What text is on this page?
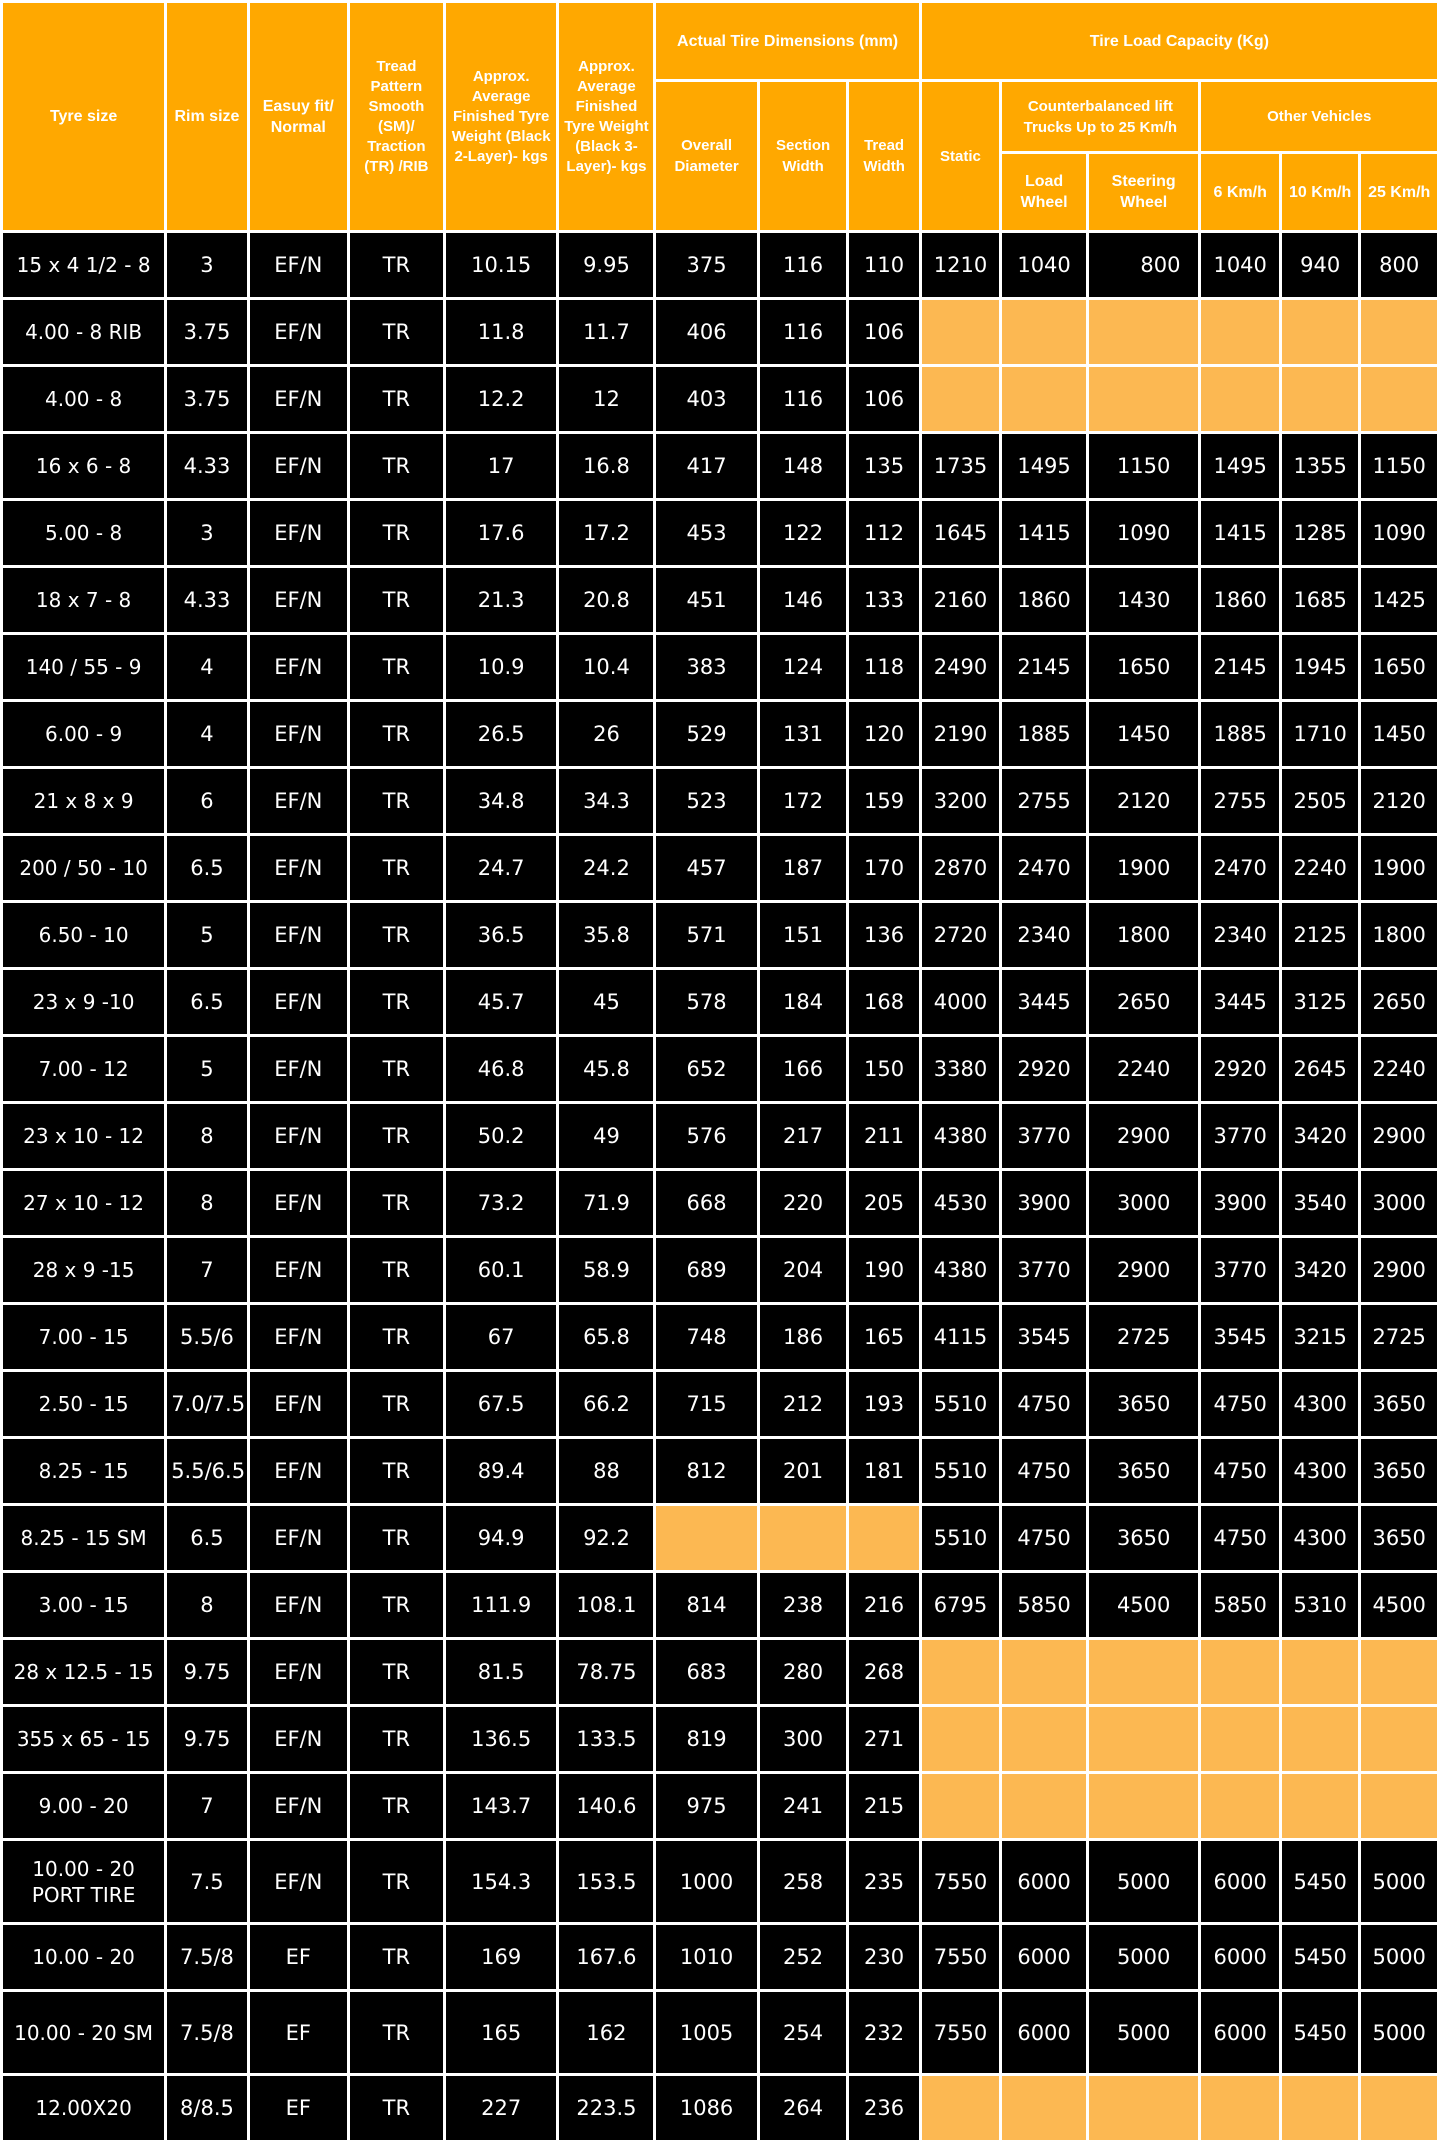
Tyre size	Rim size	Easuy fit/ Normal	Tread Pattern Smooth (SM)/ Traction (TR) /RIB	Approx. Average Finished Tyre Weight (Black 2-Layer)- kgs	Approx. Average Finished Tyre Weight (Black 3-Layer)- kgs	Actual Tire Dimensions (mm)			Tire Load Capacity (Kg)					
						Overall Diameter	Section Width	Tread Width	Static	Counterbalanced lift Trucks Up to 25 Km/h		Other Vehicles		
										Load Wheel	Steering Wheel	6 Km/h	10 Km/h	25 Km/h
15 x 4 1/2 - 8	3	EF/N	TR	10.15	9.95	375	116	110	1210	1040	800	1040	940	800
4.00 - 8 RIB	3.75	EF/N	TR	11.8	11.7	406	116	106						
4.00 - 8	3.75	EF/N	TR	12.2	12	403	116	106						
16 x 6 - 8	4.33	EF/N	TR	17	16.8	417	148	135	1735	1495	1150	1495	1355	1150
5.00 - 8	3	EF/N	TR	17.6	17.2	453	122	112	1645	1415	1090	1415	1285	1090
18 x 7 - 8	4.33	EF/N	TR	21.3	20.8	451	146	133	2160	1860	1430	1860	1685	1425
140 / 55 - 9	4	EF/N	TR	10.9	10.4	383	124	118	2490	2145	1650	2145	1945	1650
6.00 - 9	4	EF/N	TR	26.5	26	529	131	120	2190	1885	1450	1885	1710	1450
21 x 8 x 9	6	EF/N	TR	34.8	34.3	523	172	159	3200	2755	2120	2755	2505	2120
200 / 50 - 10	6.5	EF/N	TR	24.7	24.2	457	187	170	2870	2470	1900	2470	2240	1900
6.50 - 10	5	EF/N	TR	36.5	35.8	571	151	136	2720	2340	1800	2340	2125	1800
23 x 9 -10	6.5	EF/N	TR	45.7	45	578	184	168	4000	3445	2650	3445	3125	2650
7.00 - 12	5	EF/N	TR	46.8	45.8	652	166	150	3380	2920	2240	2920	2645	2240
23 x 10 - 12	8	EF/N	TR	50.2	49	576	217	211	4380	3770	2900	3770	3420	2900
27 x 10 - 12	8	EF/N	TR	73.2	71.9	668	220	205	4530	3900	3000	3900	3540	3000
28 x 9 -15	7	EF/N	TR	60.1	58.9	689	204	190	4380	3770	2900	3770	3420	2900
7.00 - 15	5.5/6	EF/N	TR	67	65.8	748	186	165	4115	3545	2725	3545	3215	2725
2.50 - 15	7.0/7.5	EF/N	TR	67.5	66.2	715	212	193	5510	4750	3650	4750	4300	3650
8.25 - 15	5.5/6.5	EF/N	TR	89.4	88	812	201	181	5510	4750	3650	4750	4300	3650
8.25 - 15 SM	6.5	EF/N	TR	94.9	92.2				5510	4750	3650	4750	4300	3650
3.00 - 15	8	EF/N	TR	111.9	108.1	814	238	216	6795	5850	4500	5850	5310	4500
28 x 12.5 - 15	9.75	EF/N	TR	81.5	78.75	683	280	268						
355 x 65 - 15	9.75	EF/N	TR	136.5	133.5	819	300	271						
9.00 - 20	7	EF/N	TR	143.7	140.6	975	241	215						
10.00 - 20 PORT TIRE	7.5	EF/N	TR	154.3	153.5	1000	258	235	7550	6000	5000	6000	5450	5000
10.00 - 20	7.5/8	EF	TR	169	167.6	1010	252	230	7550	6000	5000	6000	5450	5000
10.00 - 20 SM	7.5/8	EF	TR	165	162	1005	254	232	7550	6000	5000	6000	5450	5000
12.00X20	8/8.5	EF	TR	227	223.5	1086	264	236						
